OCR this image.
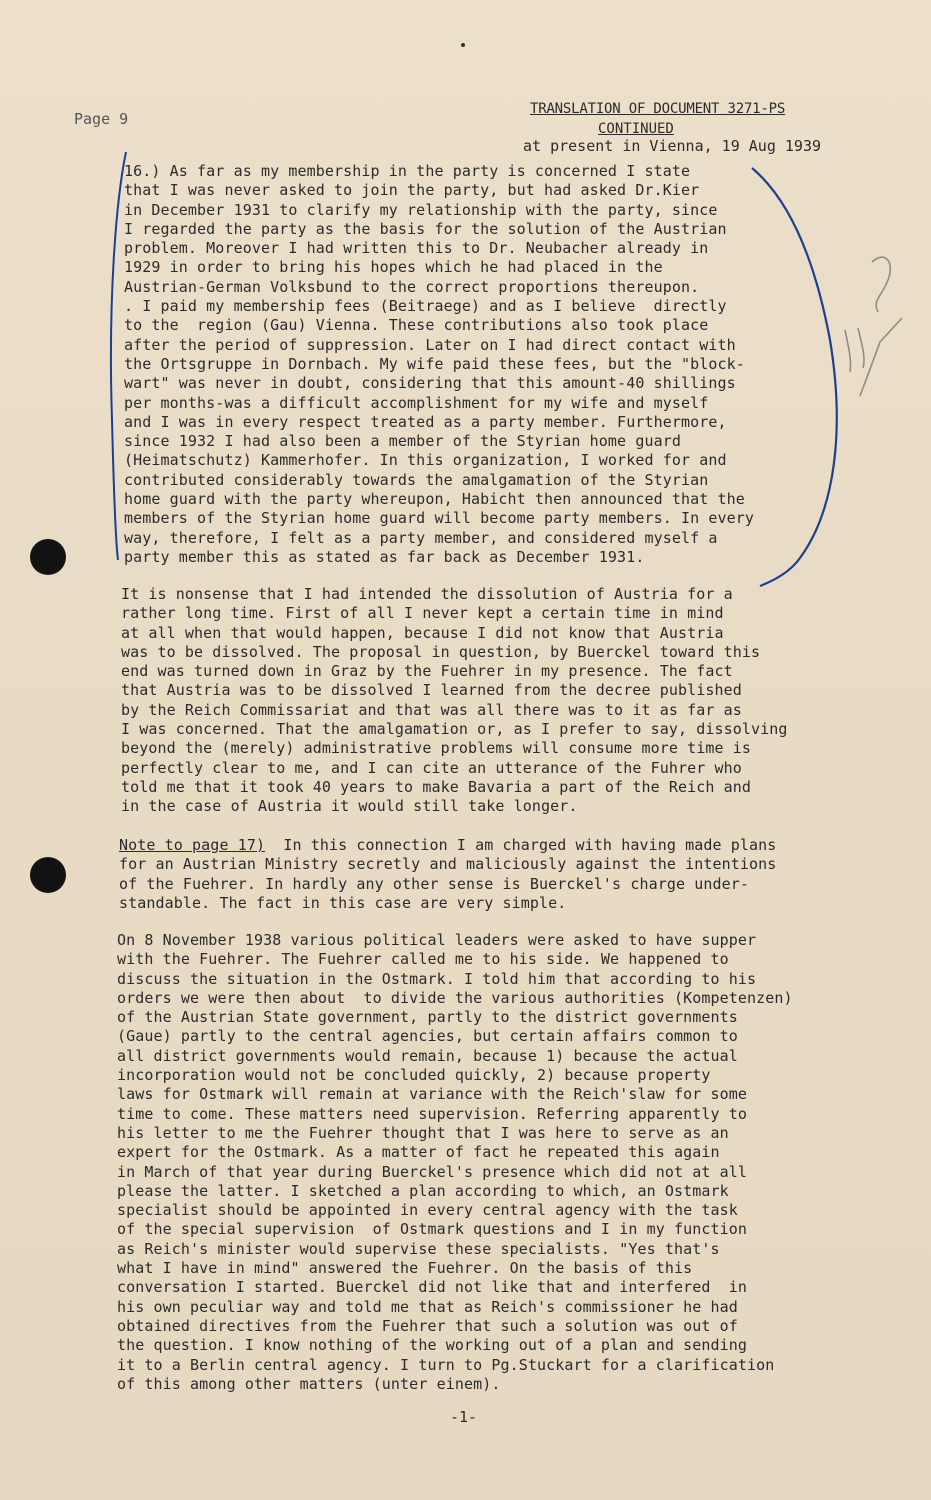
Page 9
TRANSLATION OF DOCUMENT 3271-PS
CONTINUED
at present in Vienna, 19 Aug 1939
16.) As far as my membership in the party is concerned I state
that I was never asked to join the party, but had asked Dr.Kier
in December 1931 to clarify my relationship with the party, since
I regarded the party as the basis for the solution of the Austrian
problem. Moreover I had written this to Dr. Neubacher already in
1929 in order to bring his hopes which he had placed in the
Austrian-German Volksbund to the correct proportions thereupon.
. I paid my membership fees (Beitraege) and as I believe  directly
to the  region (Gau) Vienna. These contributions also took place
after the period of suppression. Later on I had direct contact with
the Ortsgruppe in Dornbach. My wife paid these fees, but the "block-
wart" was never in doubt, considering that this amount-40 shillings
per months-was a difficult accomplishment for my wife and myself
and I was in every respect treated as a party member. Furthermore,
since 1932 I had also been a member of the Styrian home guard
(Heimatschutz) Kammerhofer. In this organization, I worked for and
contributed considerably towards the amalgamation of the Styrian
home guard with the party whereupon, Habicht then announced that the
members of the Styrian home guard will become party members. In every
way, therefore, I felt as a party member, and considered myself a
party member this as stated as far back as December 1931.
It is nonsense that I had intended the dissolution of Austria for a
rather long time. First of all I never kept a certain time in mind
at all when that would happen, because I did not know that Austria
was to be dissolved. The proposal in question, by Buerckel toward this
end was turned down in Graz by the Fuehrer in my presence. The fact
that Austria was to be dissolved I learned from the decree published
by the Reich Commissariat and that was all there was to it as far as
I was concerned. That the amalgamation or, as I prefer to say, dissolving
beyond the (merely) administrative problems will consume more time is
perfectly clear to me, and I can cite an utterance of the Fuhrer who
told me that it took 40 years to make Bavaria a part of the Reich and
in the case of Austria it would still take longer.
Note to page 17)  In this connection I am charged with having made plans
for an Austrian Ministry secretly and maliciously against the intentions
of the Fuehrer. In hardly any other sense is Buerckel's charge under-
standable. The fact in this case are very simple.
On 8 November 1938 various political leaders were asked to have supper
with the Fuehrer. The Fuehrer called me to his side. We happened to
discuss the situation in the Ostmark. I told him that according to his
orders we were then about  to divide the various authorities (Kompetenzen)
of the Austrian State government, partly to the district governments
(Gaue) partly to the central agencies, but certain affairs common to
all district governments would remain, because 1) because the actual
incorporation would not be concluded quickly, 2) because property
laws for Ostmark will remain at variance with the Reich'slaw for some
time to come. These matters need supervision. Referring apparently to
his letter to me the Fuehrer thought that I was here to serve as an
expert for the Ostmark. As a matter of fact he repeated this again
in March of that year during Buerckel's presence which did not at all
please the latter. I sketched a plan according to which, an Ostmark
specialist should be appointed in every central agency with the task
of the special supervision  of Ostmark questions and I in my function
as Reich's minister would supervise these specialists. "Yes that's
what I have in mind" answered the Fuehrer. On the basis of this
conversation I started. Buerckel did not like that and interfered  in
his own peculiar way and told me that as Reich's commissioner he had
obtained directives from the Fuehrer that such a solution was out of
the question. I know nothing of the working out of a plan and sending
it to a Berlin central agency. I turn to Pg.Stuckart for a clarification
of this among other matters (unter einem).
-1-
